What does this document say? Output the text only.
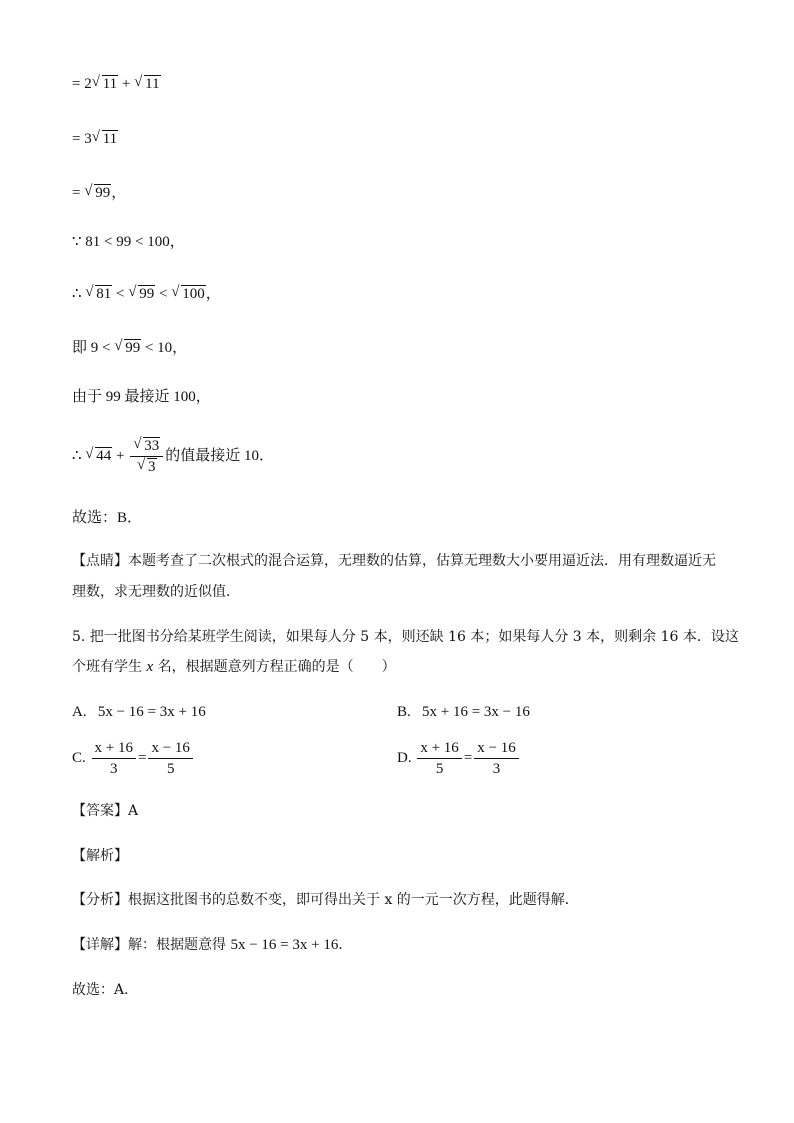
= 2 √ 11 + √ 11
= 3 √ 11
= √ 99，
∵ 81 < 99 < 100，
∴ √ 81 < √ 99 < √ 100，
即 9 < √ 99 < 10，
由于 99 最接近 100，
∴ √ 44 + √ 33
√ 3 的值最接近 10．
故选：B．
【点睛】本题考查了二次根式的混合运算，无理数的估算，估算无理数大小要用逼近法．用有理数逼近无
理数，求无理数的近似值．
5. 把一批图书分给某班学生阅读，如果每人分 5 本，则还缺 16 本；如果每人分 3 本，则剩余 16 本．设这
个班有学生 x 名，根据题意列方程正确的是（　　）
A. 5x − 16 = 3x + 16	B. 5x + 16 = 3x − 16
C. $\frac{x + 16}{3} = \frac{x - 16}{5}$	D. $\frac{x + 16}{5} = \frac{x - 16}{3}$
【答案】A
【解析】
【分析】根据这批图书的总数不变，即可得出关于 x 的一元一次方程，此题得解．
【详解】解：根据题意得 5x − 16 = 3x + 16．
故选：A．
